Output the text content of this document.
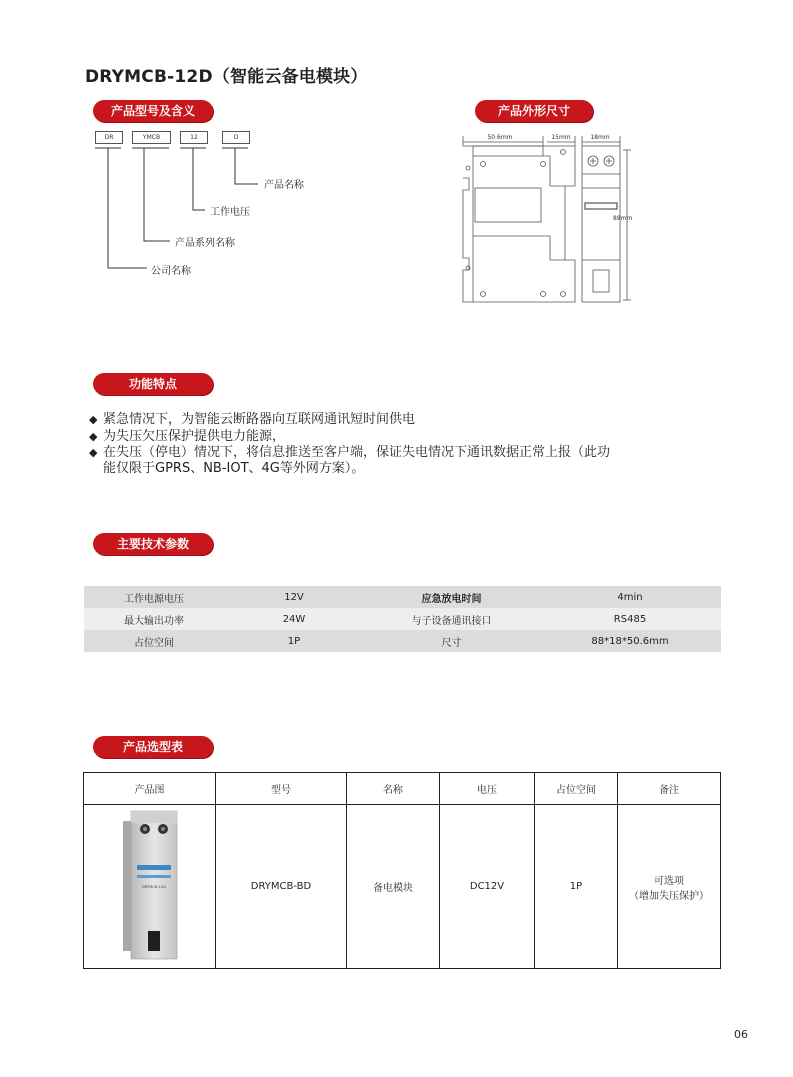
DRYMCB-12D（智能云备电模块）
产品型号及含义	产品外形尺寸
功能特点
主要技术参数
产品选型表
DR	YMCB	12	D
产品名称
工作电压
产品系列名称
公司名称
50.6mm	15mm	18mm
88mm
◆ 紧急情况下，为智能云断路器向互联网通讯短时间供电
◆ 为失压欠压保护提供电力能源，
◆ 在失压（停电）情况下，将信息推送至客户端，保证失电情况下通讯数据正常上报（此功
能仅限于GPRS、NB-IOT、4G等外网方案）。
工作电源电压	12V	应急放电时间	4min
最大输出功率	24W	与子设备通讯接口	RS485
占位空间	1P	尺寸	88*18*50.6mm
产品图	型号	名称	电压	占位空间	备注

DRYMCB-12D	DRYMCB-BD	备电模块	DC12V	1P	可选项
（增加失压保护）
06
